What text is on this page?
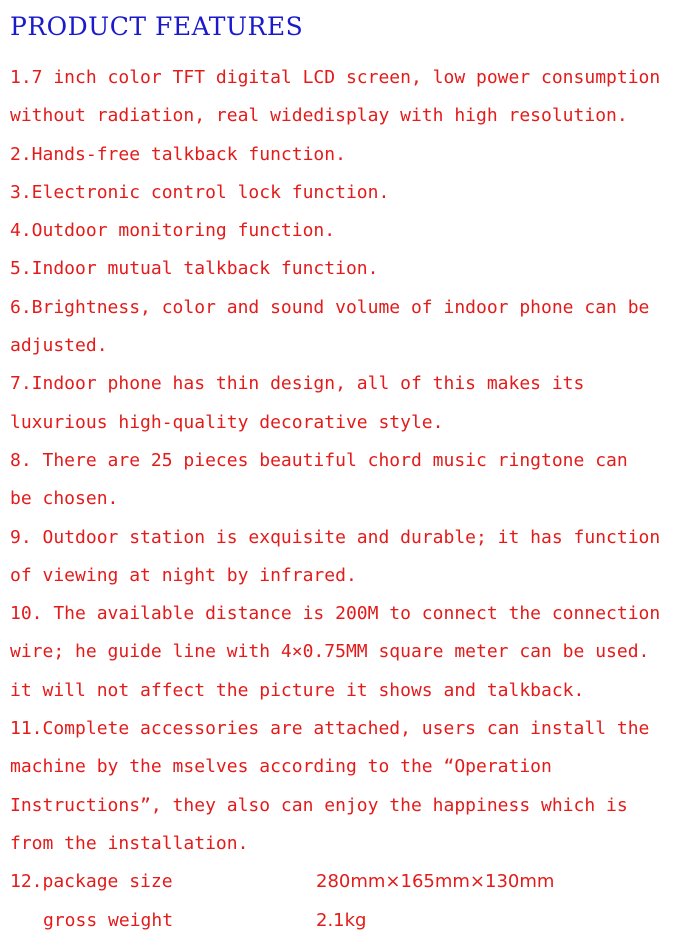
PRODUCT FEATURES
1.7 inch color TFT digital LCD screen, low power consumption
without radiation, real widedisplay with high resolution.
2.Hands-free talkback function.
3.Electronic control lock function.
4.Outdoor monitoring function.
5.Indoor mutual talkback function.
6.Brightness, color and sound volume of indoor phone can be
adjusted.
7.Indoor phone has thin design, all of this makes its
luxurious high-quality decorative style.
8. There are 25 pieces beautiful chord music ringtone can
be chosen.
9. Outdoor station is exquisite and durable; it has function
of viewing at night by infrared.
10. The available distance is 200M to connect the connection
wire; he guide line with 4×0.75MM square meter can be used.
it will not affect the picture it shows and talkback.
11.Complete accessories are attached, users can install the
machine by the mselves according to the “Operation
Instructions”, they also can enjoy the happiness which is
from the installation.
12.package size	280mm×165mm×130mm
gross weight	2.1kg
